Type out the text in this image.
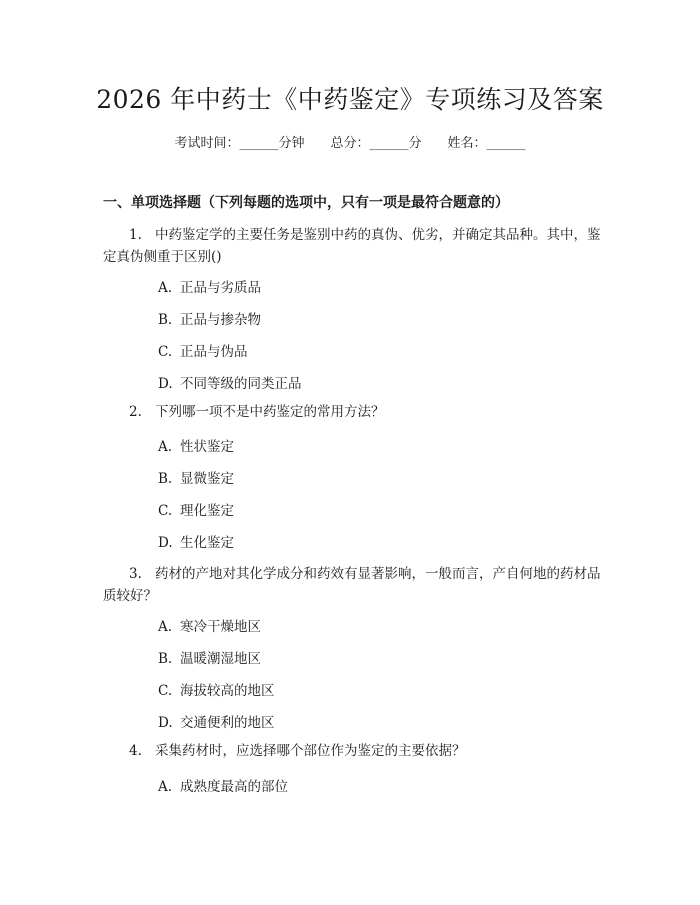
2026 年中药士《中药鉴定》专项练习及答案
考试时间：______分钟 总分：______分 姓名：______
一、单项选择题（下列每题的选项中，只有一项是最符合题意的）
1. 中药鉴定学的主要任务是鉴别中药的真伪、优劣，并确定其品种。其中，鉴定真伪侧重于区别()
A. 正品与劣质品
B. 正品与掺杂物
C. 正品与伪品
D. 不同等级的同类正品
2. 下列哪一项不是中药鉴定的常用方法？
A. 性状鉴定
B. 显微鉴定
C. 理化鉴定
D. 生化鉴定
3. 药材的产地对其化学成分和药效有显著影响，一般而言，产自何地的药材品质较好？
A. 寒冷干燥地区
B. 温暖潮湿地区
C. 海拔较高的地区
D. 交通便利的地区
4. 采集药材时，应选择哪个部位作为鉴定的主要依据？
A. 成熟度最高的部位
